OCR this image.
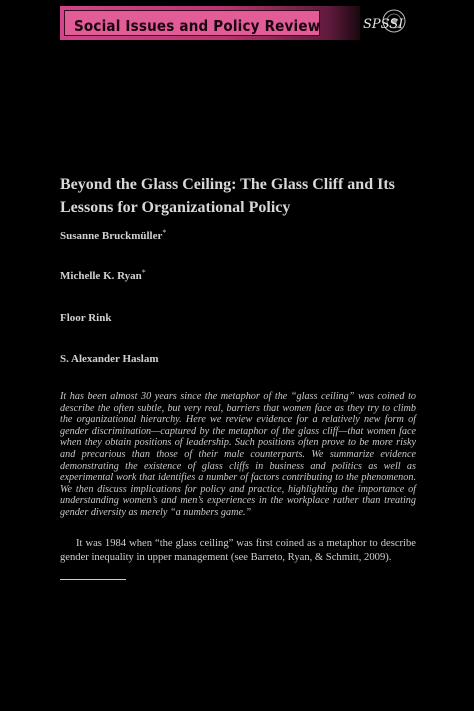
Social Issues and Policy Review	SPSSI
Beyond the Glass Ceiling: The Glass Cliff and Its Lessons for Organizational Policy
Susanne Bruckmüller*
Michelle K. Ryan*
Floor Rink
S. Alexander Haslam
It has been almost 30 years since the metaphor of the “glass ceiling” was coined to describe the often subtle, but very real, barriers that women face as they try to climb the organizational hierarchy. Here we review evidence for a relatively new form of gender discrimination—captured by the metaphor of the glass cliff—that women face when they obtain positions of leadership. Such positions often prove to be more risky and precarious than those of their male counterparts. We summarize evidence demonstrating the existence of glass cliffs in business and politics as well as experimental work that identifies a number of factors contributing to the phenomenon. We then discuss implications for policy and practice, highlighting the importance of understanding women’s and men’s experiences in the workplace rather than treating gender diversity as merely “a numbers game.”
It was 1984 when “the glass ceiling” was first coined as a metaphor to describe gender inequality in upper management (see Barreto, Ryan, & Schmitt, 2009).
